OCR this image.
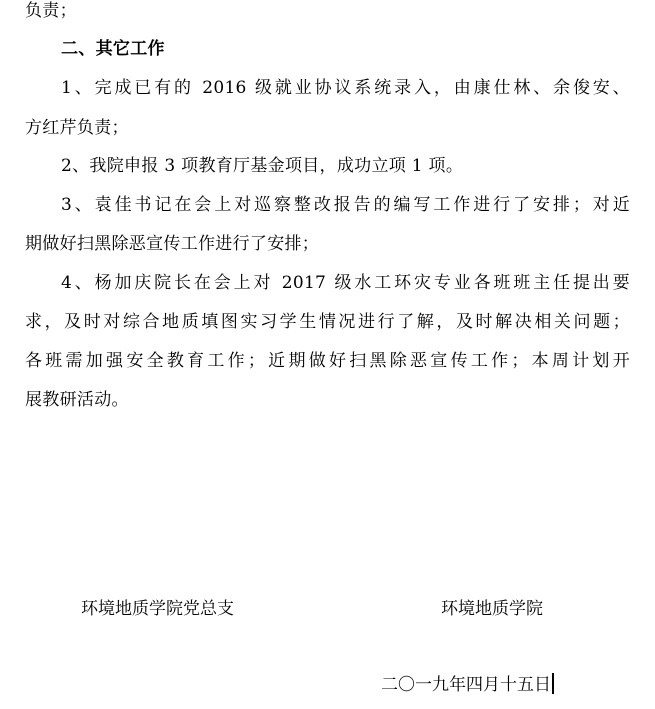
负责；
二、其它工作
1、完成已有的 2016 级就业协议系统录入，由康仕林、余俊安、
方红芹负责；
2、我院申报 3 项教育厅基金项目，成功立项 1 项。
3、袁佳书记在会上对巡察整改报告的编写工作进行了安排；对近
期做好扫黑除恶宣传工作进行了安排；
4、杨加庆院长在会上对 2017 级水工环灾专业各班班主任提出要
求，及时对综合地质填图实习学生情况进行了解，及时解决相关问题；
各班需加强安全教育工作；近期做好扫黑除恶宣传工作；本周计划开
展教研活动。
环境地质学院党总支	环境地质学院
二〇一九年四月十五日
